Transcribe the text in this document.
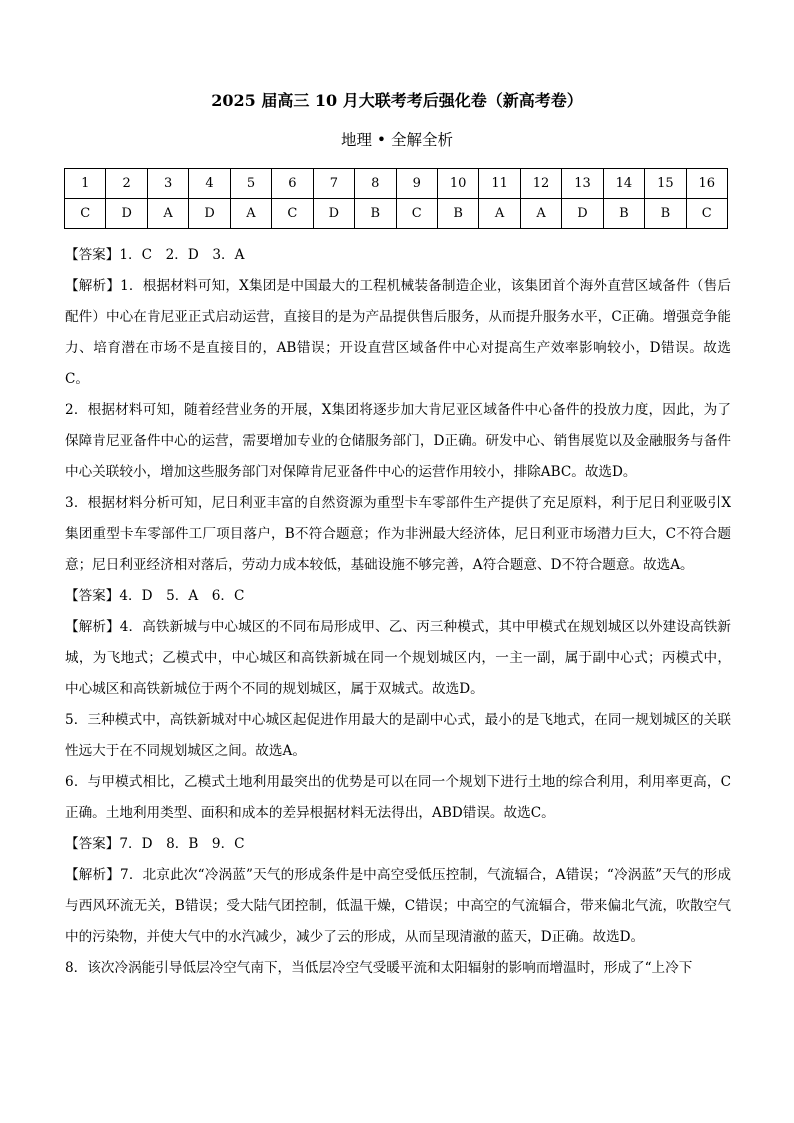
2025 届高三 10 月大联考考后强化卷（新高考卷）
地理 • 全解全析
1	2	3	4	5	6	7	8	9	10	11	12	13	14	15	16
C	D	A	D	A	C	D	B	C	B	A	A	D	B	B	C

【答案】1．C　2．D　3．A

【解析】1．根据材料可知，X集团是中国最大的工程机械装备制造企业，该集团首个海外直营区域备件（售后配件）中心在肯尼亚正式启动运营，直接目的是为产品提供售后服务，从而提升服务水平，C正确。增强竞争能力、培育潜在市场不是直接目的，AB错误；开设直营区域备件中心对提高生产效率影响较小，D错误。故选C。

2．根据材料可知，随着经营业务的开展，X集团将逐步加大肯尼亚区域备件中心备件的投放力度，因此，为了保障肯尼亚备件中心的运营，需要增加专业的仓储服务部门，D正确。研发中心、销售展览以及金融服务与备件中心关联较小，增加这些服务部门对保障肯尼亚备件中心的运营作用较小，排除ABC。故选D。

3．根据材料分析可知，尼日利亚丰富的自然资源为重型卡车零部件生产提供了充足原料，利于尼日利亚吸引X集团重型卡车零部件工厂项目落户，B不符合题意；作为非洲最大经济体，尼日利亚市场潜力巨大，C不符合题意；尼日利亚经济相对落后，劳动力成本较低，基础设施不够完善，A符合题意、D不符合题意。故选A。

【答案】4．D　5．A　6．C

【解析】4．高铁新城与中心城区的不同布局形成甲、乙、丙三种模式，其中甲模式在规划城区以外建设高铁新城，为飞地式；乙模式中，中心城区和高铁新城在同一个规划城区内，一主一副，属于副中心式；丙模式中，中心城区和高铁新城位于两个不同的规划城区，属于双城式。故选D。

5．三种模式中，高铁新城对中心城区起促进作用最大的是副中心式，最小的是飞地式，在同一规划城区的关联性远大于在不同规划城区之间。故选A。

6．与甲模式相比，乙模式土地利用最突出的优势是可以在同一个规划下进行土地的综合利用，利用率更高，C正确。土地利用类型、面积和成本的差异根据材料无法得出，ABD错误。故选C。

【答案】7．D　8．B　9．C

【解析】7．北京此次“冷涡蓝”天气的形成条件是中高空受低压控制，气流辐合，A错误；“冷涡蓝”天气的形成与西风环流无关，B错误；受大陆气团控制，低温干燥，C错误；中高空的气流辐合，带来偏北气流，吹散空气中的污染物，并使大气中的水汽减少，减少了云的形成，从而呈现清澈的蓝天，D正确。故选D。

8．该次冷涡能引导低层冷空气南下，当低层冷空气受暖平流和太阳辐射的影响而增温时，形成了“上冷下
